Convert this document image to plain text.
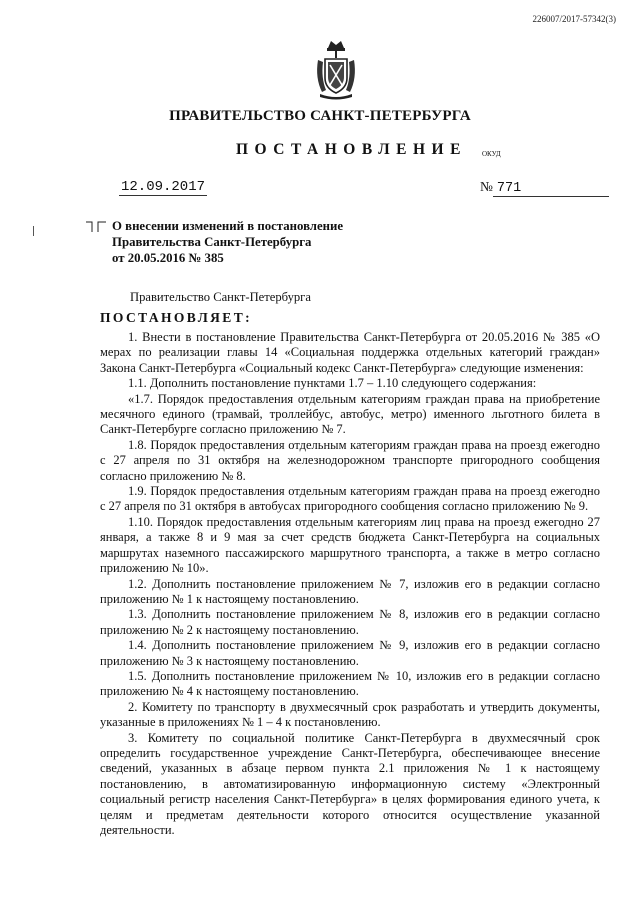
226007/2017-57342(3)
ПРАВИТЕЛЬСТВО САНКТ-ПЕТЕРБУРГА
ПОСТАНОВЛЕНИЕ ОКУД
12.09.2017	№ 771
О внесении изменений в постановление
Правительства Санкт-Петербурга
от 20.05.2016 № 385
Правительство Санкт-Петербурга
ПОСТАНОВЛЯЕТ:

1. Внести в постановление Правительства Санкт-Петербурга от 20.05.2016 № 385 «О мерах по реализации главы 14 «Социальная поддержка отдельных категорий граждан» Закона Санкт-Петербурга «Социальный кодекс Санкт-Петербурга» следующие изменения:

1.1. Дополнить постановление пунктами 1.7 – 1.10 следующего содержания:

«1.7. Порядок предоставления отдельным категориям граждан права на приобретение месячного единого (трамвай, троллейбус, автобус, метро) именного льготного билета в Санкт-Петербурге согласно приложению № 7.

1.8. Порядок предоставления отдельным категориям граждан права на проезд ежегодно с 27 апреля по 31 октября на железнодорожном транспорте пригородного сообщения согласно приложению № 8.

1.9. Порядок предоставления отдельным категориям граждан права на проезд ежегодно с 27 апреля по 31 октября в автобусах пригородного сообщения согласно приложению № 9.

1.10. Порядок предоставления отдельным категориям лиц права на проезд ежегодно 27 января, а также 8 и 9 мая за счет средств бюджета Санкт-Петербурга на социальных маршрутах наземного пассажирского маршрутного транспорта, а также в метро согласно приложению № 10».

1.2. Дополнить постановление приложением № 7, изложив его в редакции согласно приложению № 1 к настоящему постановлению.

1.3. Дополнить постановление приложением № 8, изложив его в редакции согласно приложению № 2 к настоящему постановлению.

1.4. Дополнить постановление приложением № 9, изложив его в редакции согласно приложению № 3 к настоящему постановлению.

1.5. Дополнить постановление приложением № 10, изложив его в редакции согласно приложению № 4 к настоящему постановлению.

2. Комитету по транспорту в двухмесячный срок разработать и утвердить документы, указанные в приложениях № 1 – 4 к постановлению.

3. Комитету по социальной политике Санкт-Петербурга в двухмесячный срок определить государственное учреждение Санкт-Петербурга, обеспечивающее внесение сведений, указанных в абзаце первом пункта 2.1 приложения № 1 к настоящему постановлению, в автоматизированную информационную систему «Электронный социальный регистр населения Санкт-Петербурга» в целях формирования единого учета, к целям и предметам деятельности которого относится осуществление указанной деятельности.
